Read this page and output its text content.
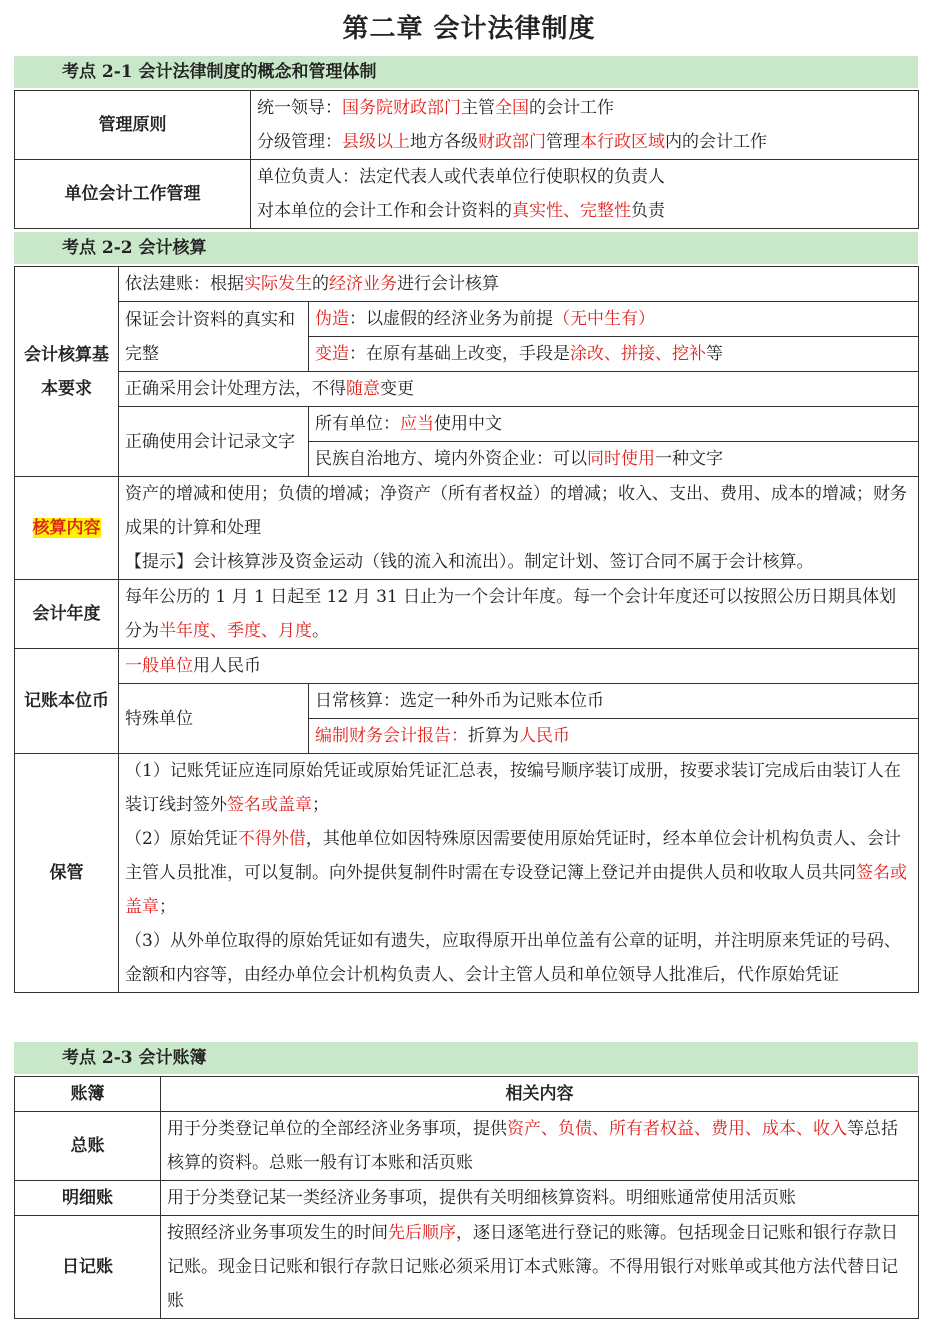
第二章 会计法律制度
考点 2-1 会计法律制度的概念和管理体制
管理原则	统一领导：国务院财政部门主管全国的会计工作
分级管理：县级以上地方各级财政部门管理本行政区域内的会计工作

单位会计工作管理	单位负责人：法定代表人或代表单位行使职权的负责人
对本单位的会计工作和会计资料的真实性、完整性负责
考点 2-2 会计核算
会计核算基本要求	依法建账：根据实际发生的经济业务进行会计核算	
	保证会计资料的真实和完整	伪造：以虚假的经济业务为前提（无中生有）
		变造：在原有基础上改变，手段是涂改、拼接、挖补等
	正确采用会计处理方法，不得随意变更	
	正确使用会计记录文字	所有单位：应当使用中文
		民族自治地方、境内外资企业：可以同时使用一种文字
核算内容	资产的增减和使用；负债的增减；净资产（所有者权益）的增减；收入、支出、费用、成本的增减；财务成果的计算和处理
【提示】会计核算涉及资金运动（钱的流入和流出）。制定计划、签订合同不属于会计核算。	

会计年度	每年公历的 1 月 1 日起至 12 月 31 日止为一个会计年度。每一个会计年度还可以按照公历日期具体划分为半年度、季度、月度。	
记账本位币	一般单位用人民币	
	特殊单位	日常核算：选定一种外币为记账本位币
		编制财务会计报告：折算为人民币
保管	（1）记账凭证应连同原始凭证或原始凭证汇总表，按编号顺序装订成册，按要求装订完成后由装订人在装订线封签外签名或盖章；
（2）原始凭证不得外借，其他单位如因特殊原因需要使用原始凭证时，经本单位会计机构负责人、会计主管人员批准，可以复制。向外提供复制件时需在专设登记簿上登记并由提供人员和收取人员共同签名或盖章；
（3）从外单位取得的原始凭证如有遗失，应取得原开出单位盖有公章的证明，并注明原来凭证的号码、金额和内容等，由经办单位会计机构负责人、会计主管人员和单位领导人批准后，代作原始凭证	
考点 2-3 会计账簿
账簿	相关内容
总账	用于分类登记单位的全部经济业务事项，提供资产、负债、所有者权益、费用、成本、收入等总括核算的资料。总账一般有订本账和活页账
明细账	用于分类登记某一类经济业务事项，提供有关明细核算资料。明细账通常使用活页账
日记账	按照经济业务事项发生的时间先后顺序，逐日逐笔进行登记的账簿。包括现金日记账和银行存款日记账。现金日记账和银行存款日记账必须采用订本式账簿。不得用银行对账单或其他方法代替日记账
